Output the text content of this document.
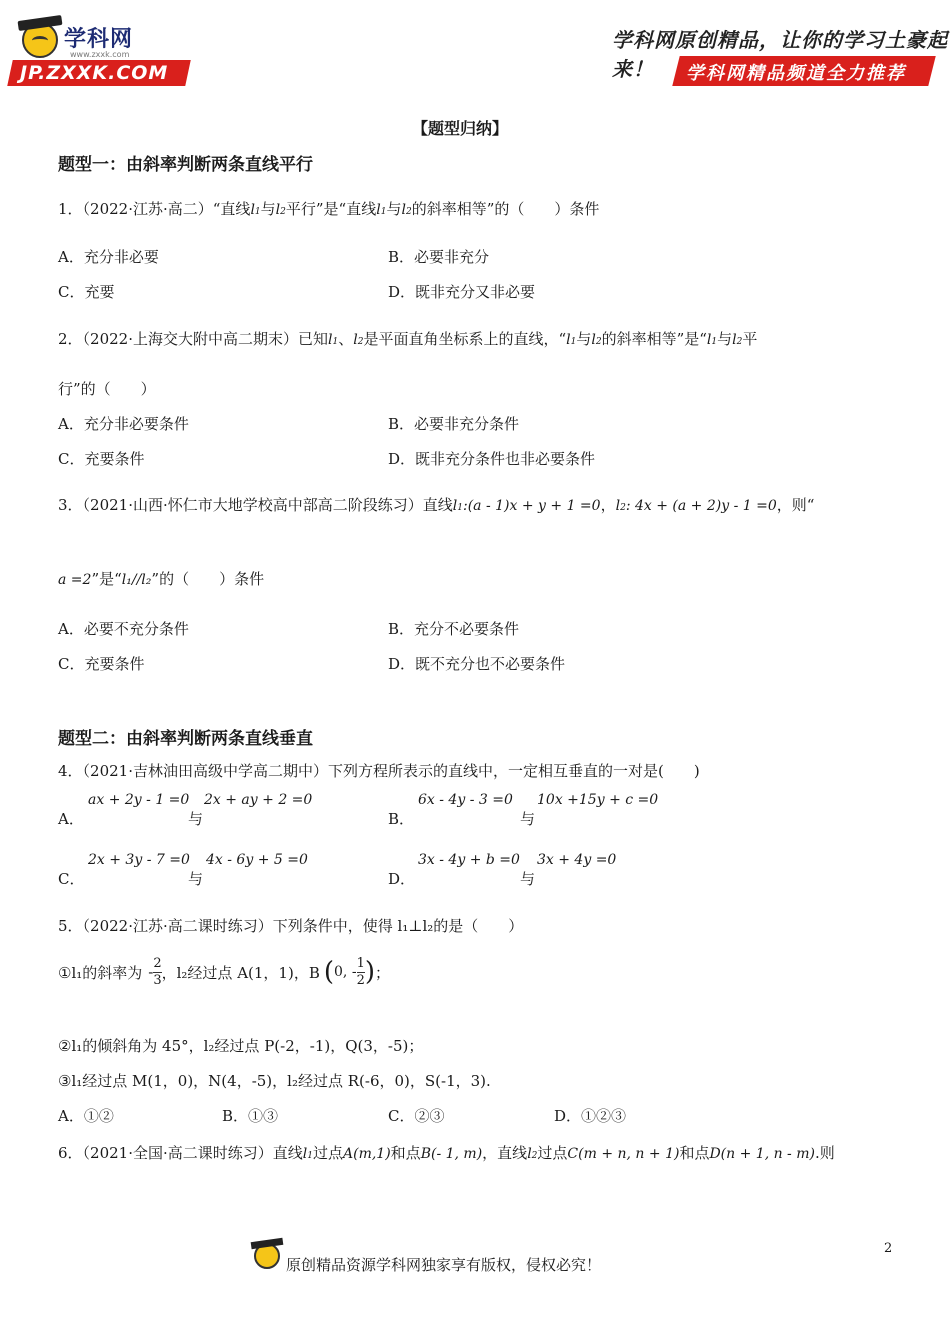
学科网
www.zxxk.com
JP.ZXXK.COM
学科网原创精品，让你的学习土豪起来！	学科网精品频道全力推荐
【题型归纳】
题型一：由斜率判断两条直线平行
1．（2022·江苏·高二）“直线l1与l2平行”是“直线l1与l2的斜率相等”的（　　）条件
A．充分非必要	B．必要非充分
C．充要	D．既非充分又非必要
2．（2022·上海交大附中高二期末）已知l1、l2是平面直角坐标系上的直线，“l1与l2的斜率相等”是“l1与l2平
行”的（　　）
A．充分非必要条件	B．必要非充分条件
C．充要条件	D．既非充分条件也非必要条件
3．（2021·山西·怀仁市大地学校高中部高二阶段练习）直线l1:(a - 1)x + y + 1 =0，l2: 4x + (a + 2)y - 1 =0，则“
a =2”是“l₁//l₂”的（　　）条件
A．必要不充分条件	B．充分不必要条件
C．充要条件	D．既不充分也不必要条件
题型二：由斜率判断两条直线垂直
4．（2021·吉林油田高级中学高二期中）下列方程所表示的直线中，一定相互垂直的一对是(　　)
A．
ax + 2y - 1 =0
与
2x + ay + 2 =0
B．
6x - 4y - 3 =0
与
10x +15y + c =0
C．
2x + 3y - 7 =0
与
4x - 6y + 5 =0
D．
3x - 4y + b =0
与
3x + 4y =0
5．（2022·江苏·高二课时练习）下列条件中，使得 l₁⊥l₂的是（　　）
①l₁的斜率为 - $\frac{2}{3}$ ，l₂经过点 A(1，1)，B ( 0, - $\frac{1}{2}$ ) ；
②l₁的倾斜角为 45°，l₂经过点 P(-2，-1)，Q(3，-5)；
③l₁经过点 M(1，0)，N(4，-5)，l₂经过点 R(-6，0)，S(-1，3).
A．①②	B．①③	C．②③	D．①②③
6．（2021·全国·高二课时练习）直线l1过点A(m,1)和点B(- 1, m)，直线l2过点C(m + n, n + 1)和点D(n + 1, n - m).则
2
原创精品资源学科网独家享有版权，侵权必究！
